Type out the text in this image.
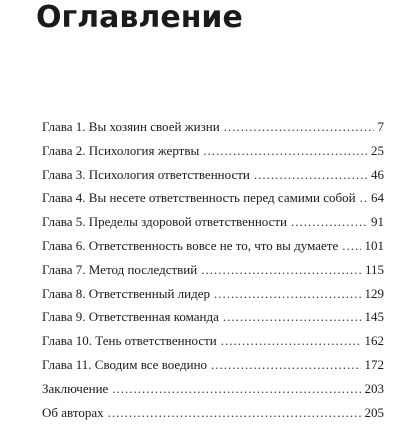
Оглавление
Глава 1. Вы хозяин своей жизни .....	7
Глава 2. Психология жертвы .....	25
Глава 3. Психология ответственности .....	46
Глава 4. Вы несете ответственность перед самими собой ..... 64
Глава 5. Пределы здоровой ответственности .....	91
Глава 6. Ответственность вовсе не то, что вы думаете ..... 101
Глава 7. Метод последствий .....	115
Глава 8. Ответственный лидер .....	129
Глава 9. Ответственная команда .....	145
Глава 10. Тень ответственности .....	162
Глава 11. Сводим все воедино .....	172
Заключение .....	203
Об авторах .....	205
